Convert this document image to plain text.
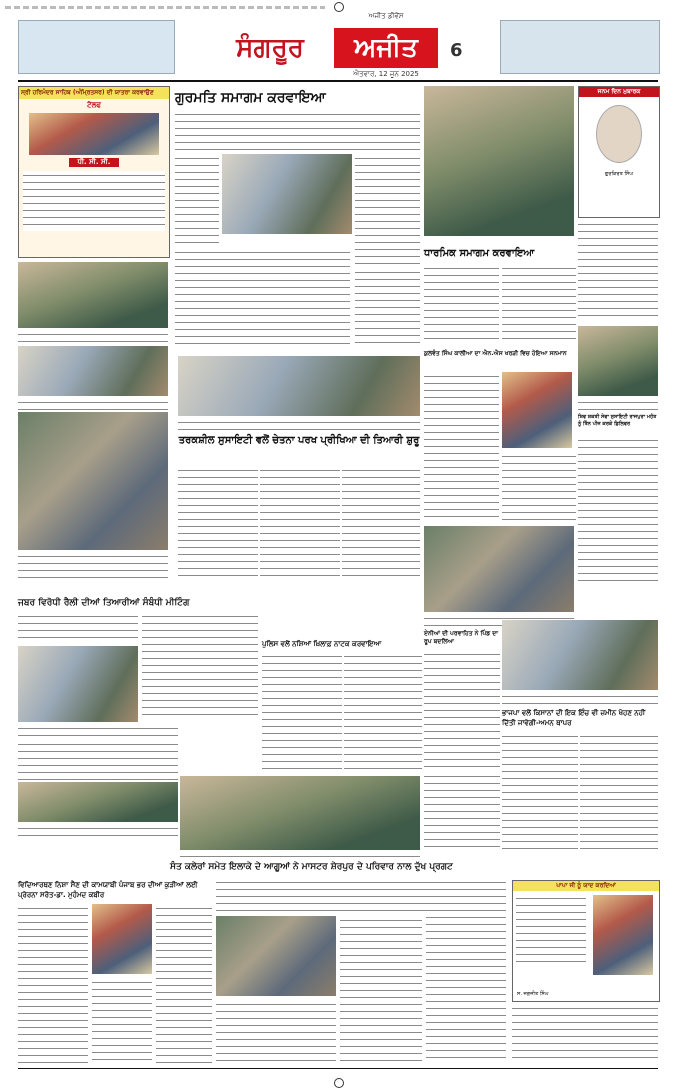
ਅਜੀਤ ਡੀਵੋਂਸ
ਸੰਗਰੂਰ	ਅਜੀਤ
ਐਤਵਾਰ, 12 ਜੂਨ 2025
6
ਸ੍ਰੀ ਹਰਿਮੰਦਰ ਸਾਹਿਬ (ਅੰਮ੍ਰਿਤਸਰ) ਦੀ ਯਾਤਰਾ ਕਰਵਾਉਣ
ਟੋਲਫ
ਧੀ. ਸੀ. ਸੀ.
ਗੁਰਮਤਿ ਸਮਾਗਮ ਕਰਵਾਇਆ	ਜਨਮ ਦਿਨ ਮੁਬਾਰਕ
ਗੁਰਕਿਰਤ ਸਿੰਘ
ਧਾਰਮਿਕ ਸਮਾਗਮ ਕਰਵਾਇਆ
ਤਰਕਸ਼ੀਲ ਸੁਸਾਇਟੀ ਵਲੋਂ ਚੇਤਨਾ ਪਰਖ ਪ੍ਰੀਖਿਆ ਦੀ ਤਿਆਰੀ ਸ਼ੁਰੂ
ਕੁਲਵੰਤ ਸਿੰਘ ਕਾਲੀਆ ਦਾ ਐਨ.ਐਸ ਖਰੜੀ ਵਿਚ ਹੋਇਆ ਸਨਮਾਨ
ਸ਼ਿਵ ਸ਼ਕਤੀ ਸੇਵਾ ਸੁਸਾਇਟੀ ਰਾਜਪੁਰਾ ਮਹੰਤ ਨੂੰ ਤਿੰਨ ਪੀਜ ਕਰਕੇ ਡਿਲਿਵਰ
ਜਬਰ ਵਿਰੋਧੀ ਰੈਲੀ ਦੀਆਂ ਤਿਆਰੀਆਂ ਸੰਬੰਧੀ ਮੀਟਿੰਗ
ਪੁਲਿਸ ਵਲੋਂ ਨਸ਼ਿਆਂ ਖ਼ਿਲਾਫ਼ ਨਾਟਕ ਕਰਵਾਇਆ
ਏਨੀਆਂ ਦੀ ਪਰਵਾਹਿਤ ਨੇ ਪਿੰਡ ਦਾ ਰੂਪ ਬਦਲਿਆ
ਭਾਜਪਾ ਵਲੋਂ ਕਿਸਾਨਾਂ ਦੀ ਇਕ ਇੰਚ ਵੀ ਜ਼ਮੀਨ ਖੋਹਣ ਨਹੀਂ ਦਿੱਤੀ ਜਾਵੇਗੀ-ਅਮਨ ਥਾਪਰ
ਸੰਤ ਕਲੇਰਾਂ ਸਮੇਤ ਇਲਾਕੇ ਦੇ ਆਗੂਆਂ ਨੇ ਮਾਸਟਰ ਸ਼ੇਰਪੁਰ ਦੇ ਪਰਿਵਾਰ ਨਾਲ ਦੁੱਖ ਪ੍ਰਗਟ
ਵਿਦਿਆਰਥਣ ਨਿਸ਼ਾ ਸੈਣ ਦੀ ਕਾਮਯਾਬੀ ਪੰਜਾਬ ਭਰ ਦੀਆਂ ਕੁੜੀਆਂ ਲਈ ਪ੍ਰੇਰਨਾ ਸਰੋਤ-ਡਾ. ਮੁਹੰਮਦ ਕਬੀਰ
ਪਾਪਾ ਜੀ ਨੂੰ ਯਾਦ ਕਰਦਿਆਂ
ਸ. ਜਗਜੀਤ ਸਿੰਘ
